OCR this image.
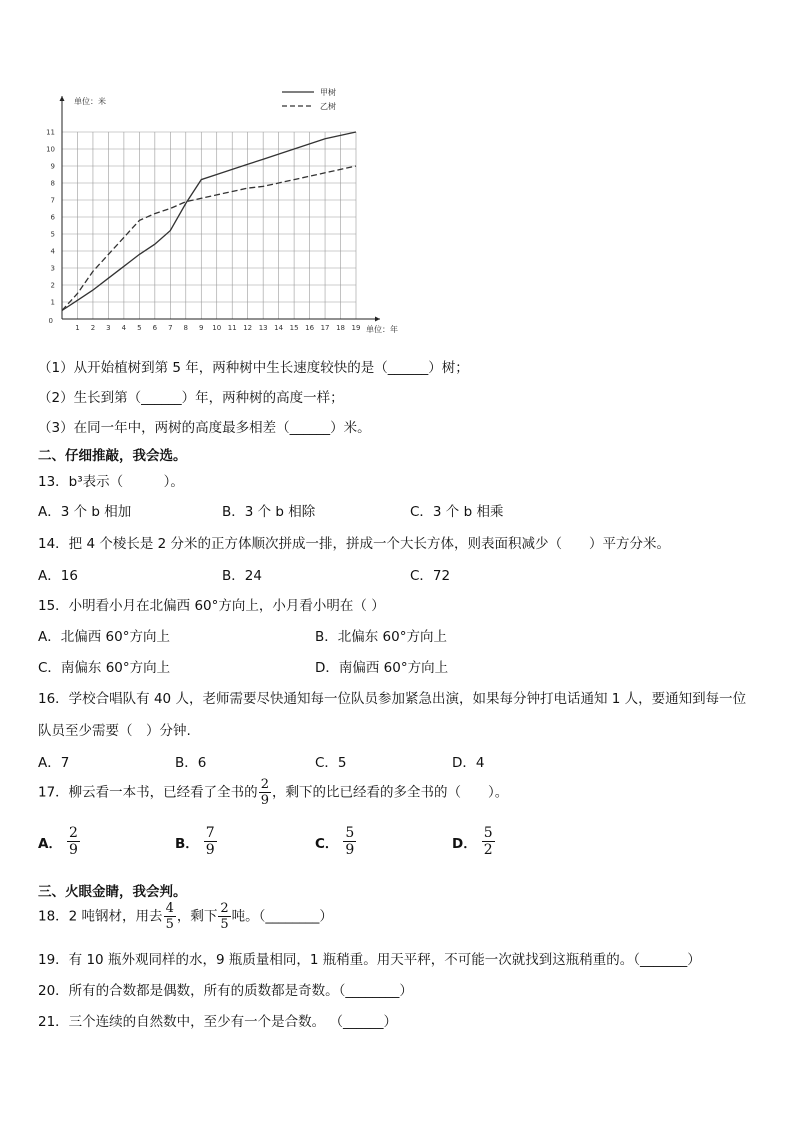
1 2 3 4 5 6 7 8 9 10 11 12 13 14 15 16 17 18 19
1
2
3
4
5
6
7
8
9
10
11
0
甲树
乙树
单位：米
单位：年
（1）从开始植树到第 5 年，两种树中生长速度较快的是（______）树；
（2）生长到第（______）年，两种树的高度一样；
（3）在同一年中，两树的高度最多相差（______）米。
二、仔细推敲，我会选。
13．b³表示（　　　）。
A．3 个 b 相加	B．3 个 b 相除	C．3 个 b 相乘
14．把 4 个棱长是 2 分米的正方体顺次拼成一排，拼成一个大长方体，则表面积减少（　　）平方分米。
A．16	B．24	C．72
15．小明看小月在北偏西 60°方向上，小月看小明在（ ）
A．北偏西 60°方向上	B．北偏东 60°方向上
C．南偏东 60°方向上	D．南偏西 60°方向上
16．学校合唱队有 40 人，老师需要尽快通知每一位队员参加紧急出演，如果每分钟打电话通知 1 人，要通知到每一位
队员至少需要（　）分钟.
A．7	B．6	C．5	D．4
17．柳云看一本书，已经看了全书的 $\frac{2}{9}$ ，剩下的比已经看的多全书的（　　）。
A． $\frac{2}{9}$	B． $\frac{7}{9}$	C． $\frac{5}{9}$	D． $\frac{5}{2}$
三、火眼金睛，我会判。
18．2 吨钢材，用去 $\frac{4}{5}$ ，剩下 $\frac{2}{5}$ 吨。（________）
19．有 10 瓶外观同样的水，9 瓶质量相同，1 瓶稍重。用天平秤，不可能一次就找到这瓶稍重的。（_______）
20．所有的合数都是偶数，所有的质数都是奇数。（________）
21．三个连续的自然数中，至少有一个是合数。 （______）
